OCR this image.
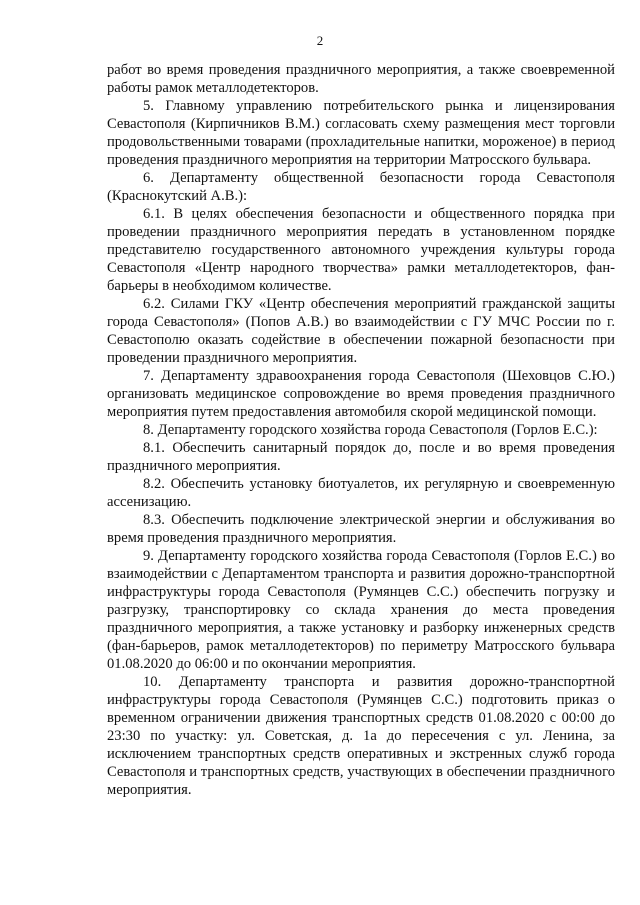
2

работ во время проведения праздничного мероприятия, а также своевременной работы рамок металлодетекторов.

5. Главному управлению потребительского рынка и лицензирования Севастополя (Кирпичников В.М.) согласовать схему размещения мест торговли продовольственными товарами (прохладительные напитки, мороженое) в период проведения праздничного мероприятия на территории Матросского бульвара.

6. Департаменту общественной безопасности города Севастополя (Краснокутский А.В.):

6.1. В целях обеспечения безопасности и общественного порядка при проведении праздничного мероприятия передать в установленном порядке представителю государственного автономного учреждения культуры города Севастополя «Центр народного творчества» рамки металлодетекторов, фан-барьеры в необходимом количестве.

6.2. Силами ГКУ «Центр обеспечения мероприятий гражданской защиты города Севастополя» (Попов А.В.) во взаимодействии с ГУ МЧС России по г. Севастополю оказать содействие в обеспечении пожарной безопасности при проведении праздничного мероприятия.

7. Департаменту здравоохранения города Севастополя (Шеховцов С.Ю.) организовать медицинское сопровождение во время проведения праздничного мероприятия путем предоставления автомобиля скорой медицинской помощи.

8. Департаменту городского хозяйства города Севастополя (Горлов Е.С.):

8.1. Обеспечить санитарный порядок до, после и во время проведения праздничного мероприятия.

8.2. Обеспечить установку биотуалетов, их регулярную и своевременную ассенизацию.

8.3. Обеспечить подключение электрической энергии и обслуживания во время проведения праздничного мероприятия.

9. Департаменту городского хозяйства города Севастополя (Горлов Е.С.) во взаимодействии с Департаментом транспорта и развития дорожно-транспортной инфраструктуры города Севастополя (Румянцев С.С.) обеспечить погрузку и разгрузку, транспортировку со склада хранения до места проведения праздничного мероприятия, а также установку и разборку инженерных средств (фан-барьеров, рамок металлодетекторов) по периметру Матросского бульвара 01.08.2020 до 06:00 и по окончании мероприятия.

10. Департаменту транспорта и развития дорожно-транспортной инфраструктуры города Севастополя (Румянцев С.С.) подготовить приказ о временном ограничении движения транспортных средств 01.08.2020 с 00:00 до 23:30 по участку: ул. Советская, д. 1а до пересечения с ул. Ленина, за исключением транспортных средств оперативных и экстренных служб города Севастополя и транспортных средств, участвующих в обеспечении праздничного мероприятия.
